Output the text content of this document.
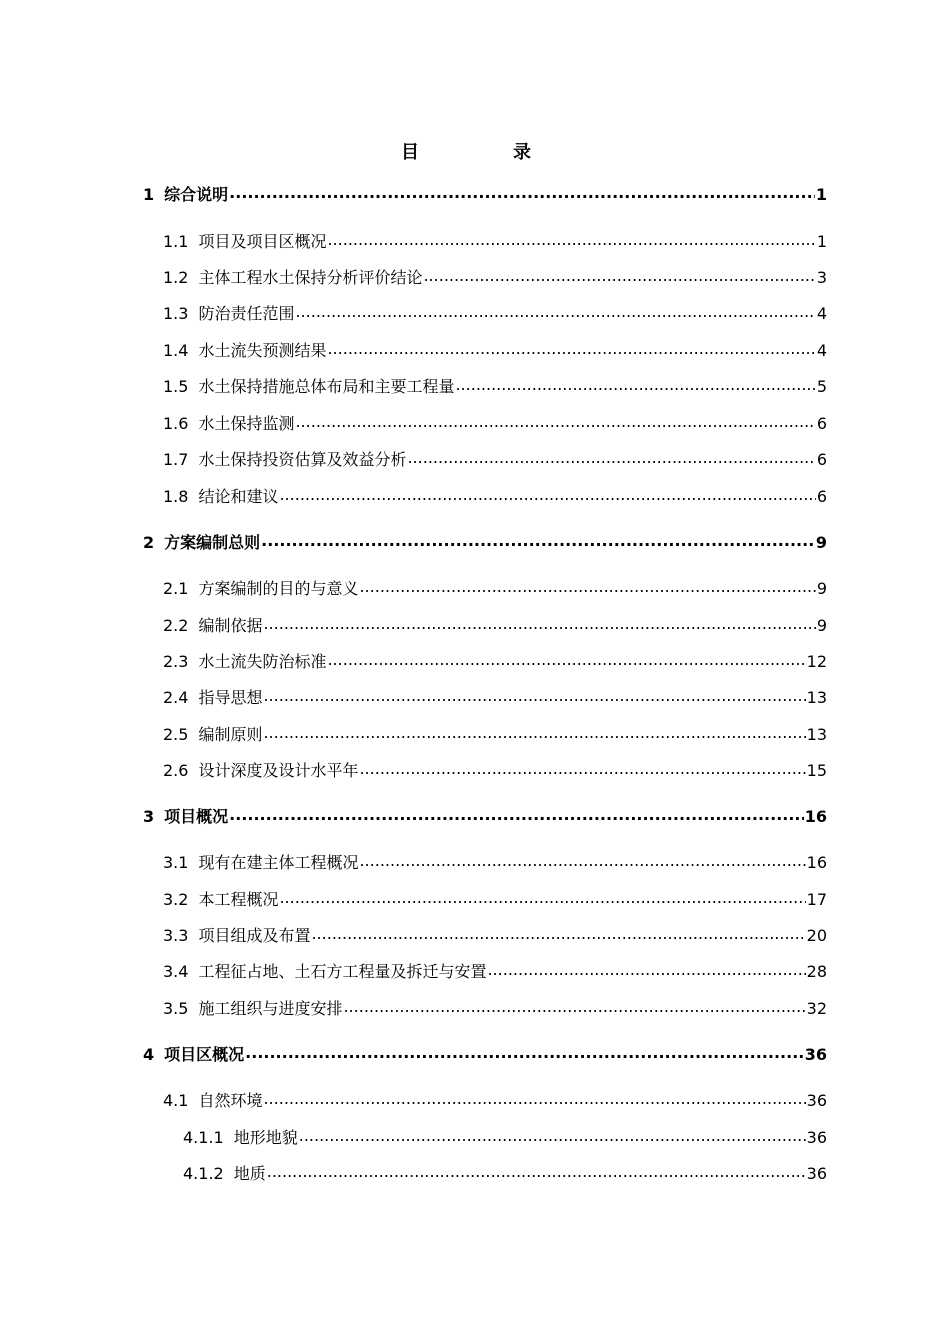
目　录
1 综合说明 .....	1
1.1 项目及项目区概况 .....	1
1.2 主体工程水土保持分析评价结论 .....	3
1.3 防治责任范围 .....	4
1.4 水土流失预测结果 .....	4
1.5 水土保持措施总体布局和主要工程量 .....	5
1.6 水土保持监测 .....	6
1.7 水土保持投资估算及效益分析 .....	6
1.8 结论和建议 .....	6
2 方案编制总则 .....	9
2.1 方案编制的目的与意义 .....	9
2.2 编制依据 .....	9
2.3 水土流失防治标准 .....	12
2.4 指导思想 .....	13
2.5 编制原则 .....	13
2.6 设计深度及设计水平年 .....	15
3 项目概况 .....	16
3.1 现有在建主体工程概况 .....	16
3.2 本工程概况 .....	17
3.3 项目组成及布置 .....	20
3.4 工程征占地、土石方工程量及拆迁与安置 .....	28
3.5 施工组织与进度安排 .....	32
4 项目区概况 .....	36
4.1 自然环境 .....	36
4.1.1 地形地貌 .....	36
4.1.2 地质 .....	36
